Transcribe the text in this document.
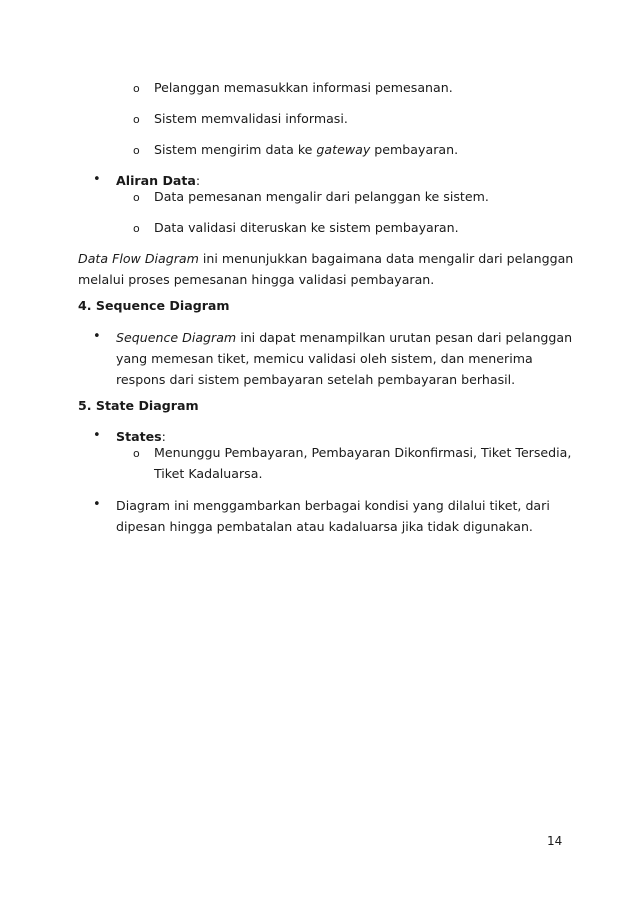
o Pelanggan memasukkan informasi pemesanan.
o Sistem memvalidasi informasi.
o Sistem mengirim data ke gateway pembayaran.
• Aliran Data:
o Data pemesanan mengalir dari pelanggan ke sistem.
o Data validasi diteruskan ke sistem pembayaran.
Data Flow Diagram ini menunjukkan bagaimana data mengalir dari pelanggan
melalui proses pemesanan hingga validasi pembayaran.
4. Sequence Diagram
• Sequence Diagram ini dapat menampilkan urutan pesan dari pelanggan
yang memesan tiket, memicu validasi oleh sistem, dan menerima
respons dari sistem pembayaran setelah pembayaran berhasil.
5. State Diagram
• States:
o Menunggu Pembayaran, Pembayaran Dikonfirmasi, Tiket Tersedia,
Tiket Kadaluarsa.
• Diagram ini menggambarkan berbagai kondisi yang dilalui tiket, dari
dipesan hingga pembatalan atau kadaluarsa jika tidak digunakan.
14
